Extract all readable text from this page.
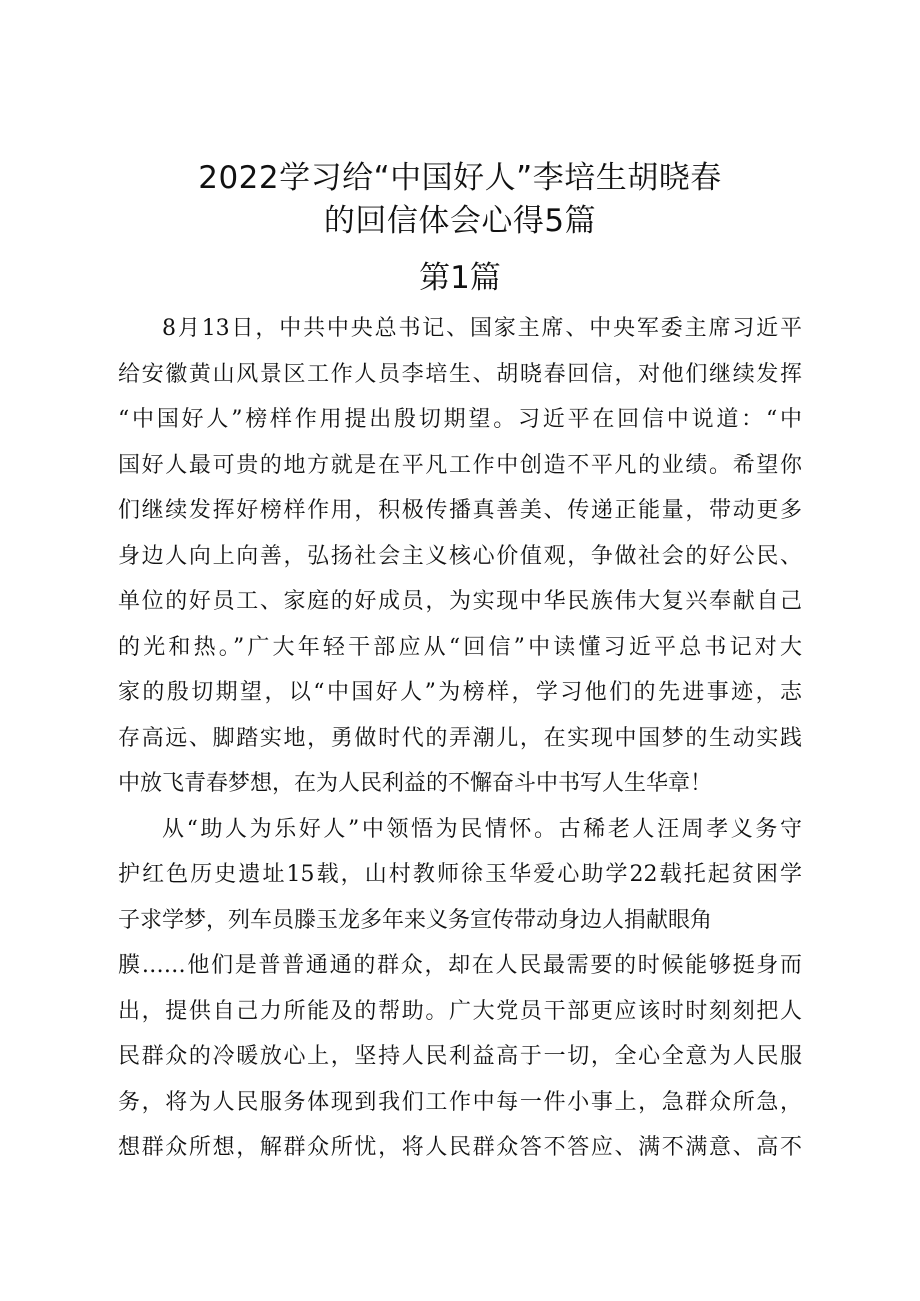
2022学习给“中国好人”李培生胡晓春
的回信体会心得5篇
第1篇
8月13日，中共中央总书记、国家主席、中央军委主席习近平
给安徽黄山风景区工作人员李培生、胡晓春回信，对他们继续发挥
“中国好人”榜样作用提出殷切期望。习近平在回信中说道：“中
国好人最可贵的地方就是在平凡工作中创造不平凡的业绩。希望你
们继续发挥好榜样作用，积极传播真善美、传递正能量，带动更多
身边人向上向善，弘扬社会主义核心价值观，争做社会的好公民、
单位的好员工、家庭的好成员，为实现中华民族伟大复兴奉献自己
的光和热。”广大年轻干部应从“回信”中读懂习近平总书记对大
家的殷切期望，以“中国好人”为榜样，学习他们的先进事迹，志
存高远、脚踏实地，勇做时代的弄潮儿，在实现中国梦的生动实践
中放飞青春梦想，在为人民利益的不懈奋斗中书写人生华章！
从“助人为乐好人”中领悟为民情怀。古稀老人汪周孝义务守
护红色历史遗址15载，山村教师徐玉华爱心助学22载托起贫困学
子求学梦，列车员滕玉龙多年来义务宣传带动身边人捐献眼角
膜……他们是普普通通的群众，却在人民最需要的时候能够挺身而
出，提供自己力所能及的帮助。广大党员干部更应该时时刻刻把人
民群众的冷暖放心上，坚持人民利益高于一切，全心全意为人民服
务，将为人民服务体现到我们工作中每一件小事上，急群众所急，
想群众所想，解群众所忧，将人民群众答不答应、满不满意、高不
